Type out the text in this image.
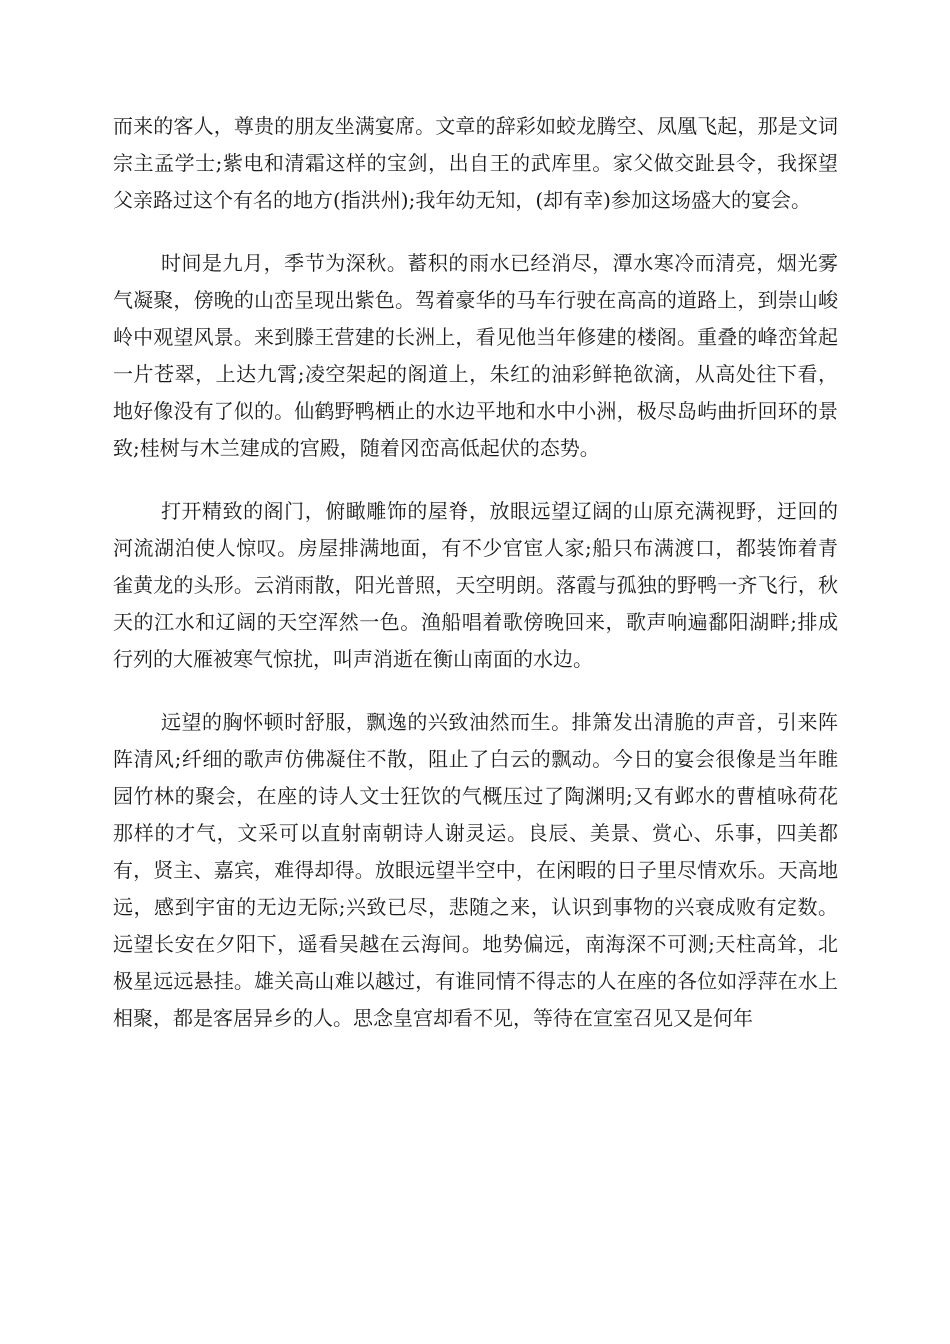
而来的客人，尊贵的朋友坐满宴席。文章的辞彩如蛟龙腾空、凤凰飞起，那是文词宗主孟学士;紫电和清霜这样的宝剑，出自王的武库里。家父做交趾县令，我探望父亲路过这个有名的地方(指洪州);我年幼无知，(却有幸)参加这场盛大的宴会。

时间是九月，季节为深秋。蓄积的雨水已经消尽，潭水寒冷而清亮，烟光雾气凝聚，傍晚的山峦呈现出紫色。驾着豪华的马车行驶在高高的道路上，到崇山峻岭中观望风景。来到滕王营建的长洲上，看见他当年修建的楼阁。重叠的峰峦耸起一片苍翠，上达九霄;凌空架起的阁道上，朱红的油彩鲜艳欲滴，从高处往下看，地好像没有了似的。仙鹤野鸭栖止的水边平地和水中小洲，极尽岛屿曲折回环的景致;桂树与木兰建成的宫殿，随着冈峦高低起伏的态势。

打开精致的阁门，俯瞰雕饰的屋脊，放眼远望辽阔的山原充满视野，迂回的河流湖泊使人惊叹。房屋排满地面，有不少官宦人家;船只布满渡口，都装饰着青雀黄龙的头形。云消雨散，阳光普照，天空明朗。落霞与孤独的野鸭一齐飞行，秋天的江水和辽阔的天空浑然一色。渔船唱着歌傍晚回来，歌声响遍鄱阳湖畔;排成行列的大雁被寒气惊扰，叫声消逝在衡山南面的水边。

远望的胸怀顿时舒服，飘逸的兴致油然而生。排箫发出清脆的声音，引来阵阵清风;纤细的歌声仿佛凝住不散，阻止了白云的飘动。今日的宴会很像是当年睢园竹林的聚会，在座的诗人文士狂饮的气概压过了陶渊明;又有邺水的曹植咏荷花那样的才气，文采可以直射南朝诗人谢灵运。良辰、美景、赏心、乐事，四美都有，贤主、嘉宾，难得却得。放眼远望半空中，在闲暇的日子里尽情欢乐。天高地远，感到宇宙的无边无际;兴致已尽，悲随之来，认识到事物的兴衰成败有定数。远望长安在夕阳下，遥看吴越在云海间。地势偏远，南海深不可测;天柱高耸，北极星远远悬挂。雄关高山难以越过，有谁同情不得志的人在座的各位如浮萍在水上相聚，都是客居异乡的人。思念皇宫却看不见，等待在宣室召见又是何年
